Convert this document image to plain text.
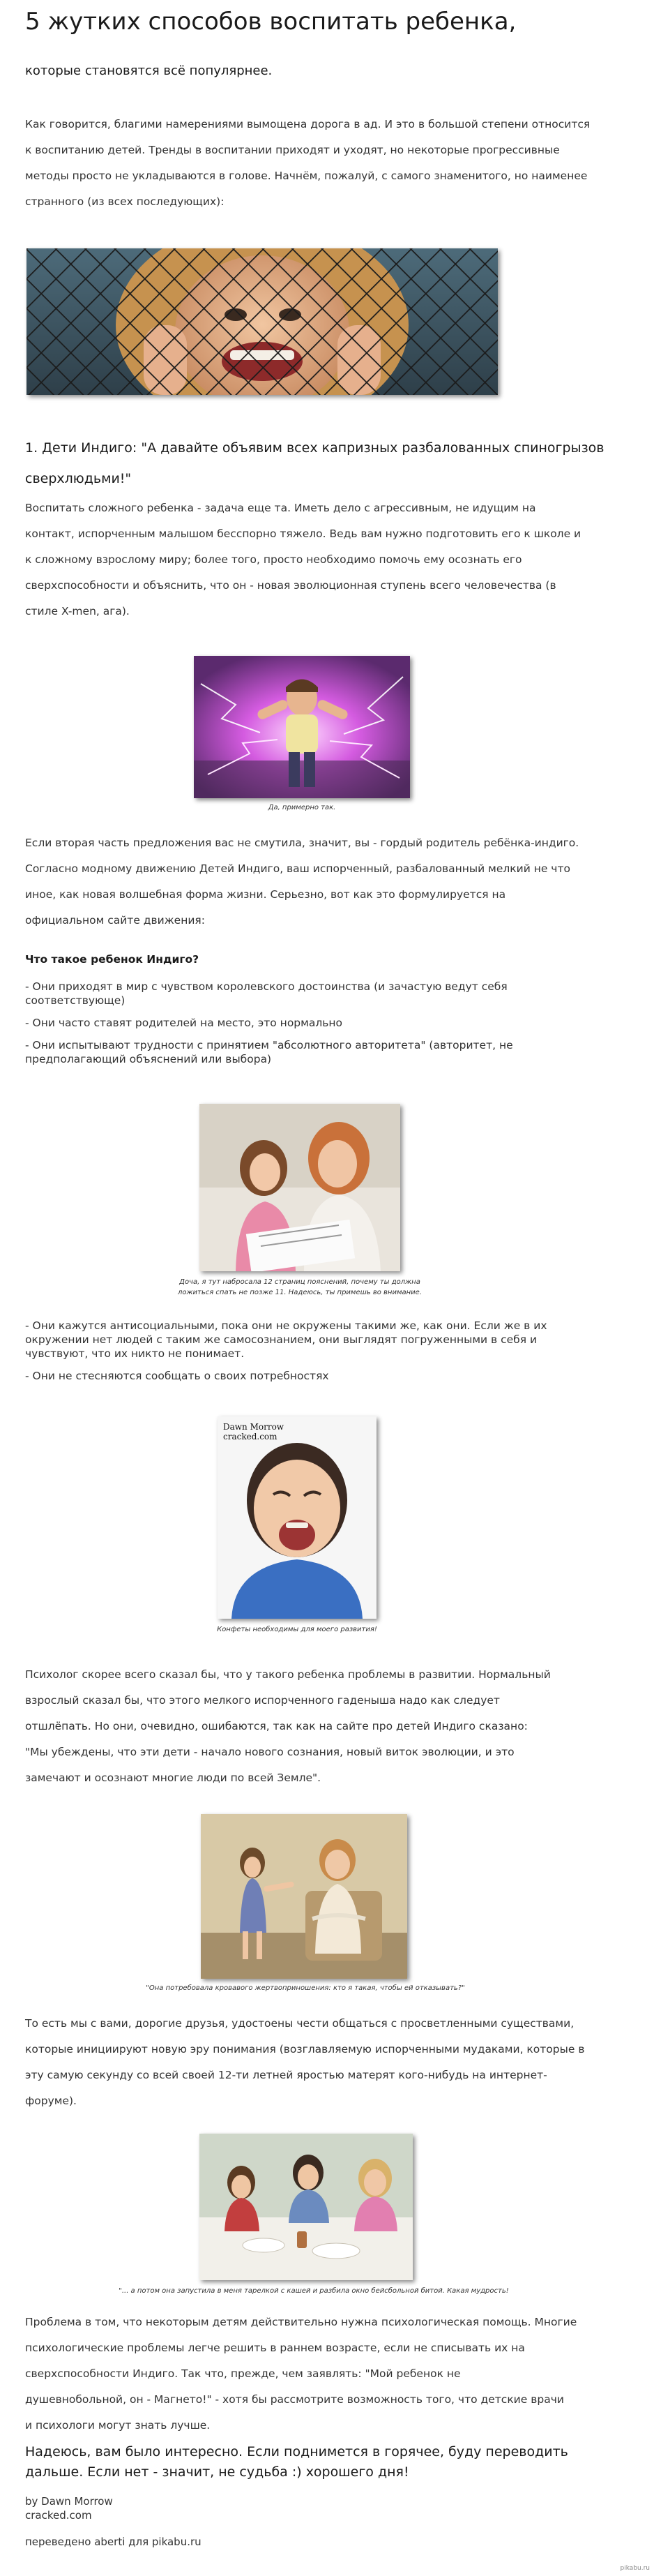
5 жутких способов воспитать ребенка,
которые становятся всё популярнее.
Как говорится, благими намерениями вымощена дорога в ад. И это в большой степени относится
к воспитанию детей. Тренды в воспитании приходят и уходят, но некоторые прогрессивные
методы просто не укладываются в голове. Начнём, пожалуй, с самого знаменитого, но наименее
странного (из всех последующих):
1. Дети Индиго: "А давайте объявим всех капризных разбалованных спиногрызов
сверхлюдьми!"
Воспитать сложного ребенка - задача еще та. Иметь дело с агрессивным, не идущим на
контакт, испорченным малышом бесспорно тяжело. Ведь вам нужно подготовить его к школе и
к сложному взрослому миру; более того, просто необходимо помочь ему осознать его
сверхспособности и объяснить, что он - новая эволюционная ступень всего человечества (в
стиле X-men, ага).
Да, примерно так.
Если вторая часть предложения вас не смутила, значит, вы - гордый родитель ребёнка-индиго.
Согласно модному движению Детей Индиго, ваш испорченный, разбалованный мелкий не что
иное, как новая волшебная форма жизни. Серьезно, вот как это формулируется на
официальном сайте движения:
Что такое ребенок Индиго?
- Они приходят в мир с чувством королевского достоинства (и зачастую ведут себя
соответствующе)
- Они часто ставят родителей на место, это нормально
- Они испытывают трудности с принятием "абсолютного авторитета" (авторитет, не
предполагающий объяснений или выбора)
Доча, я тут набросала 12 страниц пояснений, почему ты должна
ложиться спать не позже 11. Надеюсь, ты примешь во внимание.
- Они кажутся антисоциальными, пока они не окружены такими же, как они. Если же в их
окружении нет людей с таким же самосознанием, они выглядят погруженными в себя и
чувствуют, что их никто не понимает.
- Они не стесняются сообщать о своих потребностях
Dawn Morrow
cracked.com
Конфеты необходимы для моего развития!
Психолог скорее всего сказал бы, что у такого ребенка проблемы в развитии. Нормальный
взрослый сказал бы, что этого мелкого испорченного гаденыша надо как следует
отшлёпать. Но они, очевидно, ошибаются, так как на сайте про детей Индиго сказано:
"Мы убеждены, что эти дети - начало нового сознания, новый виток эволюции, и это
замечают и осознают многие люди по всей Земле".
"Она потребовала кровавого жертвоприношения: кто я такая, чтобы ей отказывать?"
То есть мы с вами, дорогие друзья, удостоены чести общаться с просветленными существами,
которые инициируют новую эру понимания (возглавляемую испорченными мудаками, которые в
эту самую секунду со всей своей 12-ти летней яростью матерят кого-нибудь на интернет-
форуме).
"... а потом она запустила в меня тарелкой с кашей и разбила окно бейсбольной битой. Какая мудрость!
Проблема в том, что некоторым детям действительно нужна психологическая помощь. Многие
психологические проблемы легче решить в раннем возрасте, если не списывать их на
сверхспособности Индиго. Так что, прежде, чем заявлять: "Мой ребенок не
душевнобольной, он - Магнето!" - хотя бы рассмотрите возможность того, что детские врачи
и психологи могут знать лучше.
Надеюсь, вам было интересно. Если поднимется в горячее, буду переводить
дальше. Если нет - значит, не судьба :) хорошего дня!
by Dawn Morrow
cracked.com
переведено aberti для pikabu.ru
pikabu.ru
